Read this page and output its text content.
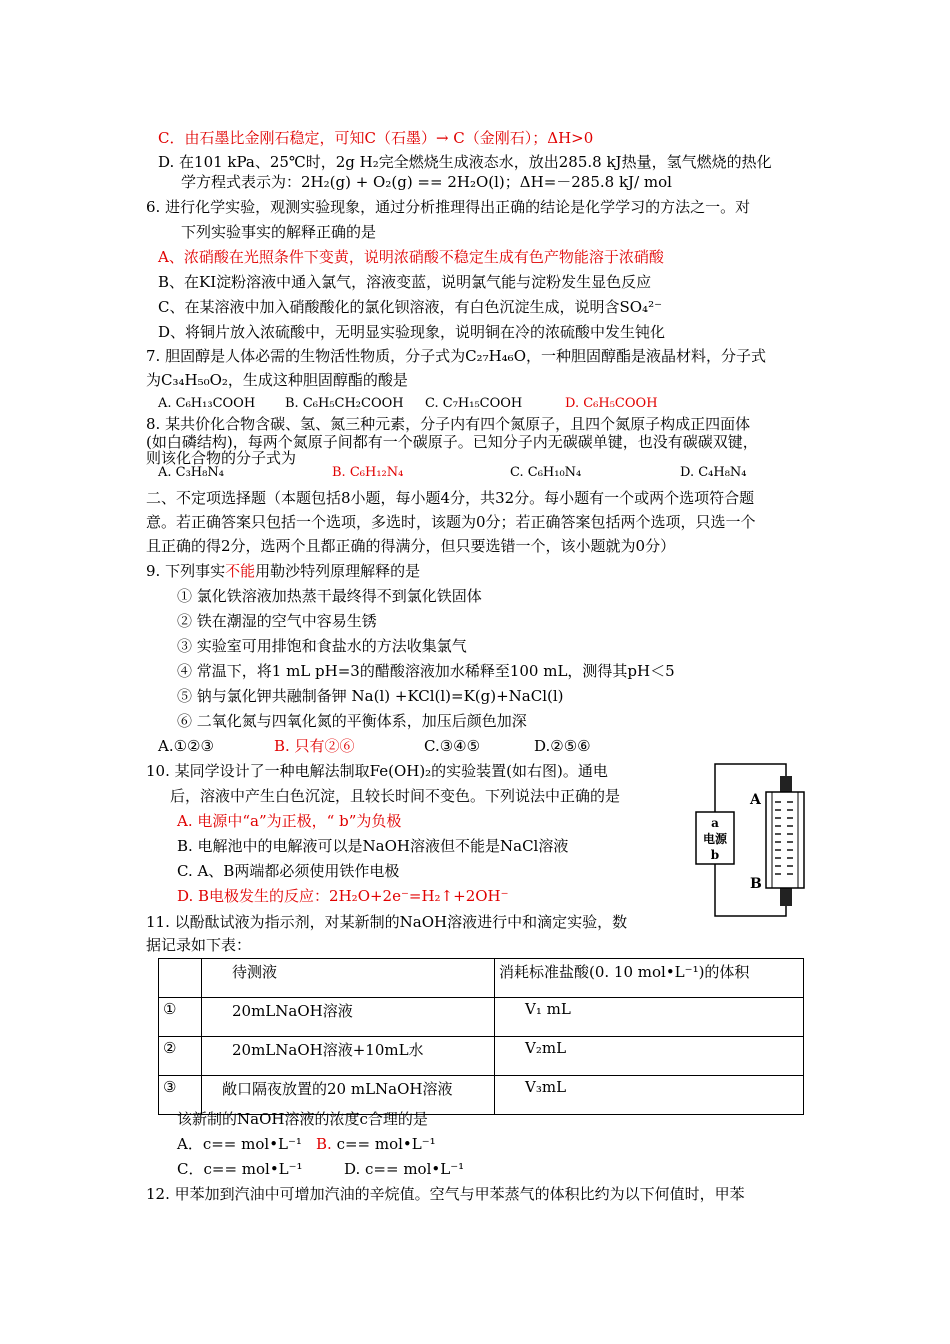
C．由石墨比金刚石稳定，可知C（石墨）→ C（金刚石）；ΔH>0
D. 在101 kPa、25℃时，2g H₂完全燃烧生成液态水，放出285.8 kJ热量，氢气燃烧的热化
学方程式表示为：2H₂(g) + O₂(g) == 2H₂O(l)；ΔH=－285.8 kJ/ mol
6. 进行化学实验，观测实验现象，通过分析推理得出正确的结论是化学学习的方法之一。对
下列实验事实的解释正确的是
A、浓硝酸在光照条件下变黄，说明浓硝酸不稳定生成有色产物能溶于浓硝酸
B、在KI淀粉溶液中通入氯气，溶液变蓝，说明氯气能与淀粉发生显色反应
C、在某溶液中加入硝酸酸化的氯化钡溶液，有白色沉淀生成，说明含SO₄²⁻
D、将铜片放入浓硫酸中，无明显实验现象，说明铜在冷的浓硫酸中发生钝化
7. 胆固醇是人体必需的生物活性物质，分子式为C₂₇H₄₆O，一种胆固醇酯是液晶材料，分子式
为C₃₄H₅₀O₂，生成这种胆固醇酯的酸是
A. C₆H₁₃COOH B. C₆H₅CH₂COOH C. C₇H₁₅COOH	D. C₆H₅COOH
8. 某共价化合物含碳、氢、氮三种元素，分子内有四个氮原子，且四个氮原子构成正四面体
(如白磷结构)，每两个氮原子间都有一个碳原子。已知分子内无碳碳单键，也没有碳碳双键，
则该化合物的分子式为
A. C₃H₈N₄	B. C₆H₁₂N₄	C. C₆H₁₀N₄	D. C₄H₈N₄
二、不定项选择题（本题包括8小题，每小题4分，共32分。每小题有一个或两个选项符合题
意。若正确答案只包括一个选项，多选时，该题为0分；若正确答案包括两个选项，只选一个
且正确的得2分，选两个且都正确的得满分，但只要选错一个，该小题就为0分）
9. 下列事实不能用勒沙特列原理解释的是
① 氯化铁溶液加热蒸干最终得不到氯化铁固体
② 铁在潮湿的空气中容易生锈
③ 实验室可用排饱和食盐水的方法收集氯气
④ 常温下，将1 mL pH=3的醋酸溶液加水稀释至100 mL，测得其pH＜5
⑤ 钠与氯化钾共融制备钾 Na(l) +KCl(l)=K(g)+NaCl(l)
⑥ 二氧化氮与四氧化氮的平衡体系，加压后颜色加深
A.①②③	B. 只有②⑥	C.③④⑤	D.②⑤⑥
10. 某同学设计了一种电解法制取Fe(OH)₂的实验装置(如右图)。通电
后，溶液中产生白色沉淀，且较长时间不变色。下列说法中正确的是
A. 电源中“a”为正极，“ b”为负极
B. 电解池中的电解液可以是NaOH溶液但不能是NaCl溶液
C. A、B两端都必须使用铁作电极
D. B电极发生的反应：2H₂O+2e⁻=H₂↑+2OH⁻
a
电源
b
A
B
11. 以酚酞试液为指示剂，对某新制的NaOH溶液进行中和滴定实验，数
据记录如下表：
	待测液	消耗标准盐酸(0. 10 mol•L⁻¹)的体积
①	20mLNaOH溶液	V₁ mL
②	20mLNaOH溶液+10mL水	V₂mL
③	敞口隔夜放置的20 mLNaOH溶液	V₃mL
该新制的NaOH溶液的浓度c合理的是
A．c== mol•L⁻¹ B. c== mol•L⁻¹
C．c== mol•L⁻¹	D. c== mol•L⁻¹
12. 甲苯加到汽油中可增加汽油的辛烷值。空气与甲苯蒸气的体积比约为以下何值时，甲苯
